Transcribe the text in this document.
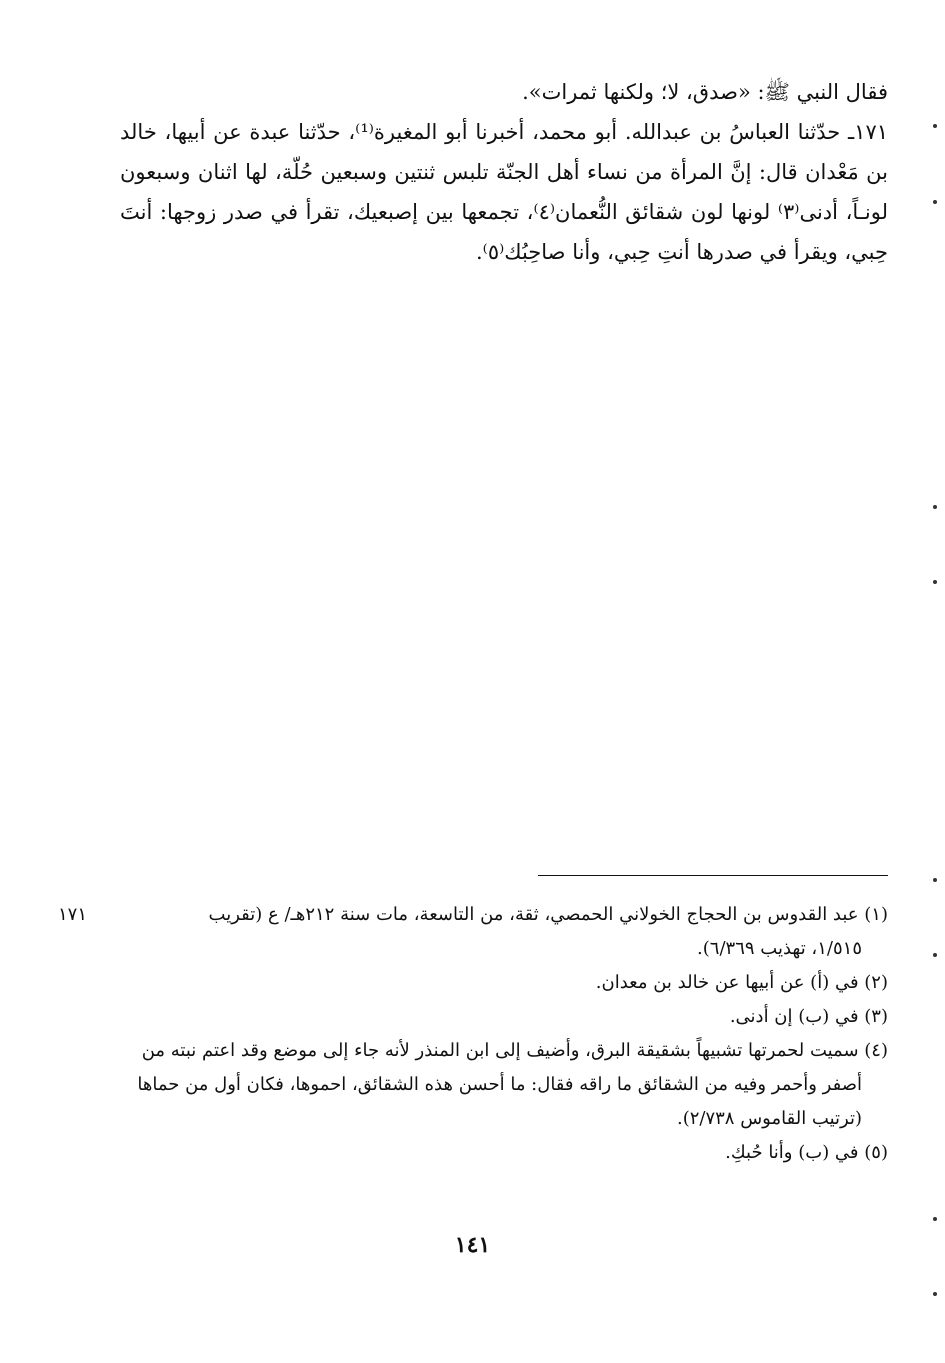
فقال النبي ﷺ: «صدق، لا؛ ولكنها ثمرات».

١٧١ـ حدّثنا العباسُ بن عبدالله. أبو محمد، أخبرنا أبو المغيرة⁽¹⁾، حدّثنا عبدة عن أبيها، خالد بن مَعْدان قال: إنَّ المرأة من نساء أهل الجنّة تلبس ثنتين وسبعين حُلّة، لها اثنان وسبعون لونـاً، أدنى⁽٣⁾ لونها لون شقائق النُّعمان⁽٤⁾، تجمعها بين إصبعيك، تقرأ في صدر زوجها: أنتَ حِبي، ويقرأ في صدرها أنتِ حِبي، وأنا صاحِبُك⁽٥⁾.

(١) عبد القدوس بن الحجاج الخولاني الحمصي، ثقة، من التاسعة، مات سنة ٢١٢هـ/ ع (تقريب

١/٥١٥، تهذيب ٦/٣٦٩).

(٢) في (أ) عن أبيها عن خالد بن معدان.

(٣) في (ب) إن أدنى.

(٤) سميت لحمرتها تشبيهاً بشقيقة البرق، وأضيف إلى ابن المنذر لأنه جاء إلى موضع وقد اعتم نبته من

أصفر وأحمر وفيه من الشقائق ما راقه فقال: ما أحسن هذه الشقائق، احموها، فكان أول من حماها

(ترتيب القاموس ٢/٧٣٨).

(٥) في (ب) وأنا حُبكِ.

١٧١
١٤١
